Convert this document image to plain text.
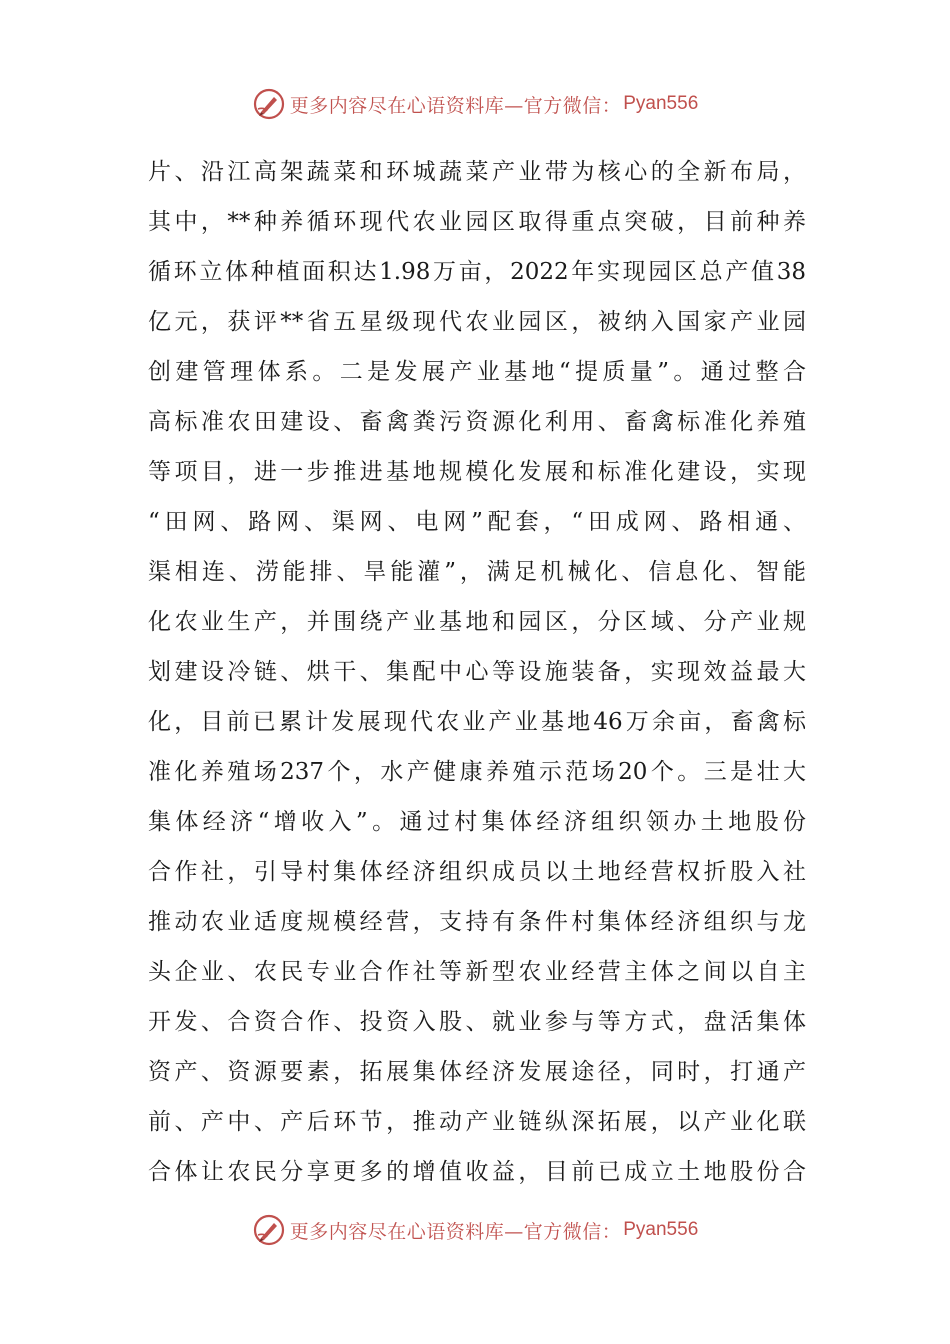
更多内容尽在心语资料库—官方微信： Pyan556
片、沿江高架蔬菜和环城蔬菜产业带为核心的全新布局，
其中，**种养循环现代农业园区取得重点突破，目前种养
循环立体种植面积达1.98万亩，2022年实现园区总产值38
亿元，获评**省五星级现代农业园区，被纳入国家产业园
创建管理体系。二是发展产业基地“提质量”。通过整合
高标准农田建设、畜禽粪污资源化利用、畜禽标准化养殖
等项目，进一步推进基地规模化发展和标准化建设，实现
“田网、路网、渠网、电网”配套，“田成网、路相通、
渠相连、涝能排、旱能灌”，满足机械化、信息化、智能
化农业生产，并围绕产业基地和园区，分区域、分产业规
划建设冷链、烘干、集配中心等设施装备，实现效益最大
化，目前已累计发展现代农业产业基地46万余亩，畜禽标
准化养殖场237个，水产健康养殖示范场20个。三是壮大
集体经济“增收入”。通过村集体经济组织领办土地股份
合作社，引导村集体经济组织成员以土地经营权折股入社
推动农业适度规模经营，支持有条件村集体经济组织与龙
头企业、农民专业合作社等新型农业经营主体之间以自主
开发、合资合作、投资入股、就业参与等方式，盘活集体
资产、资源要素，拓展集体经济发展途径，同时，打通产
前、产中、产后环节，推动产业链纵深拓展，以产业化联
合体让农民分享更多的增值收益，目前已成立土地股份合
更多内容尽在心语资料库—官方微信： Pyan556
